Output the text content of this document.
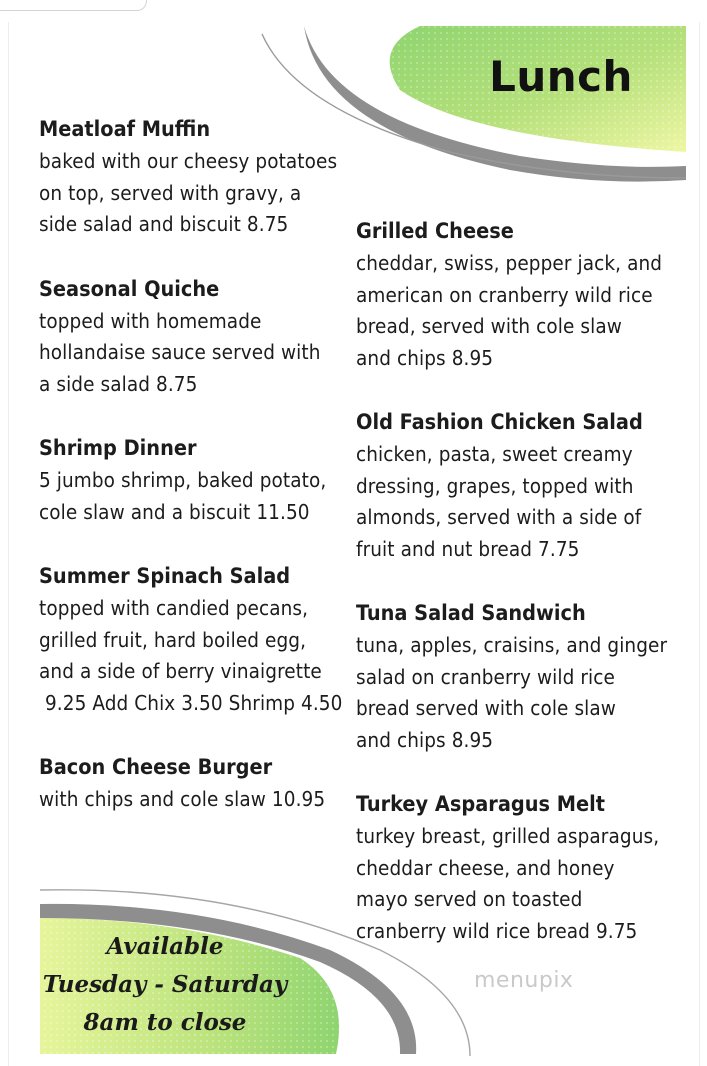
Lunch

Meatloaf Muffin

baked with our cheesy potatoes
on top, served with gravy, a
side salad and biscuit 8.75

Seasonal Quiche

topped with homemade
hollandaise sauce served with
a side salad 8.75

Shrimp Dinner

5 jumbo shrimp, baked potato,
cole slaw and a biscuit 11.50

Summer Spinach Salad

topped with candied pecans,
grilled fruit, hard boiled egg,
and a side of berry vinaigrette
9.25 Add Chix 3.50 Shrimp 4.50

Bacon Cheese Burger

with chips and cole slaw 10.95

Grilled Cheese

cheddar, swiss, pepper jack, and
american on cranberry wild rice
bread, served with cole slaw
and chips 8.95

Old Fashion Chicken Salad

chicken, pasta, sweet creamy
dressing, grapes, topped with
almonds, served with a side of
fruit and nut bread 7.75

Tuna Salad Sandwich

tuna, apples, craisins, and ginger
salad on cranberry wild rice
bread served with cole slaw
and chips 8.95

Turkey Asparagus Melt

turkey breast, grilled asparagus,
cheddar cheese, and honey
mayo served on toasted
cranberry wild rice bread 9.75

Available
Tuesday - Saturday
8am to close
menupix
